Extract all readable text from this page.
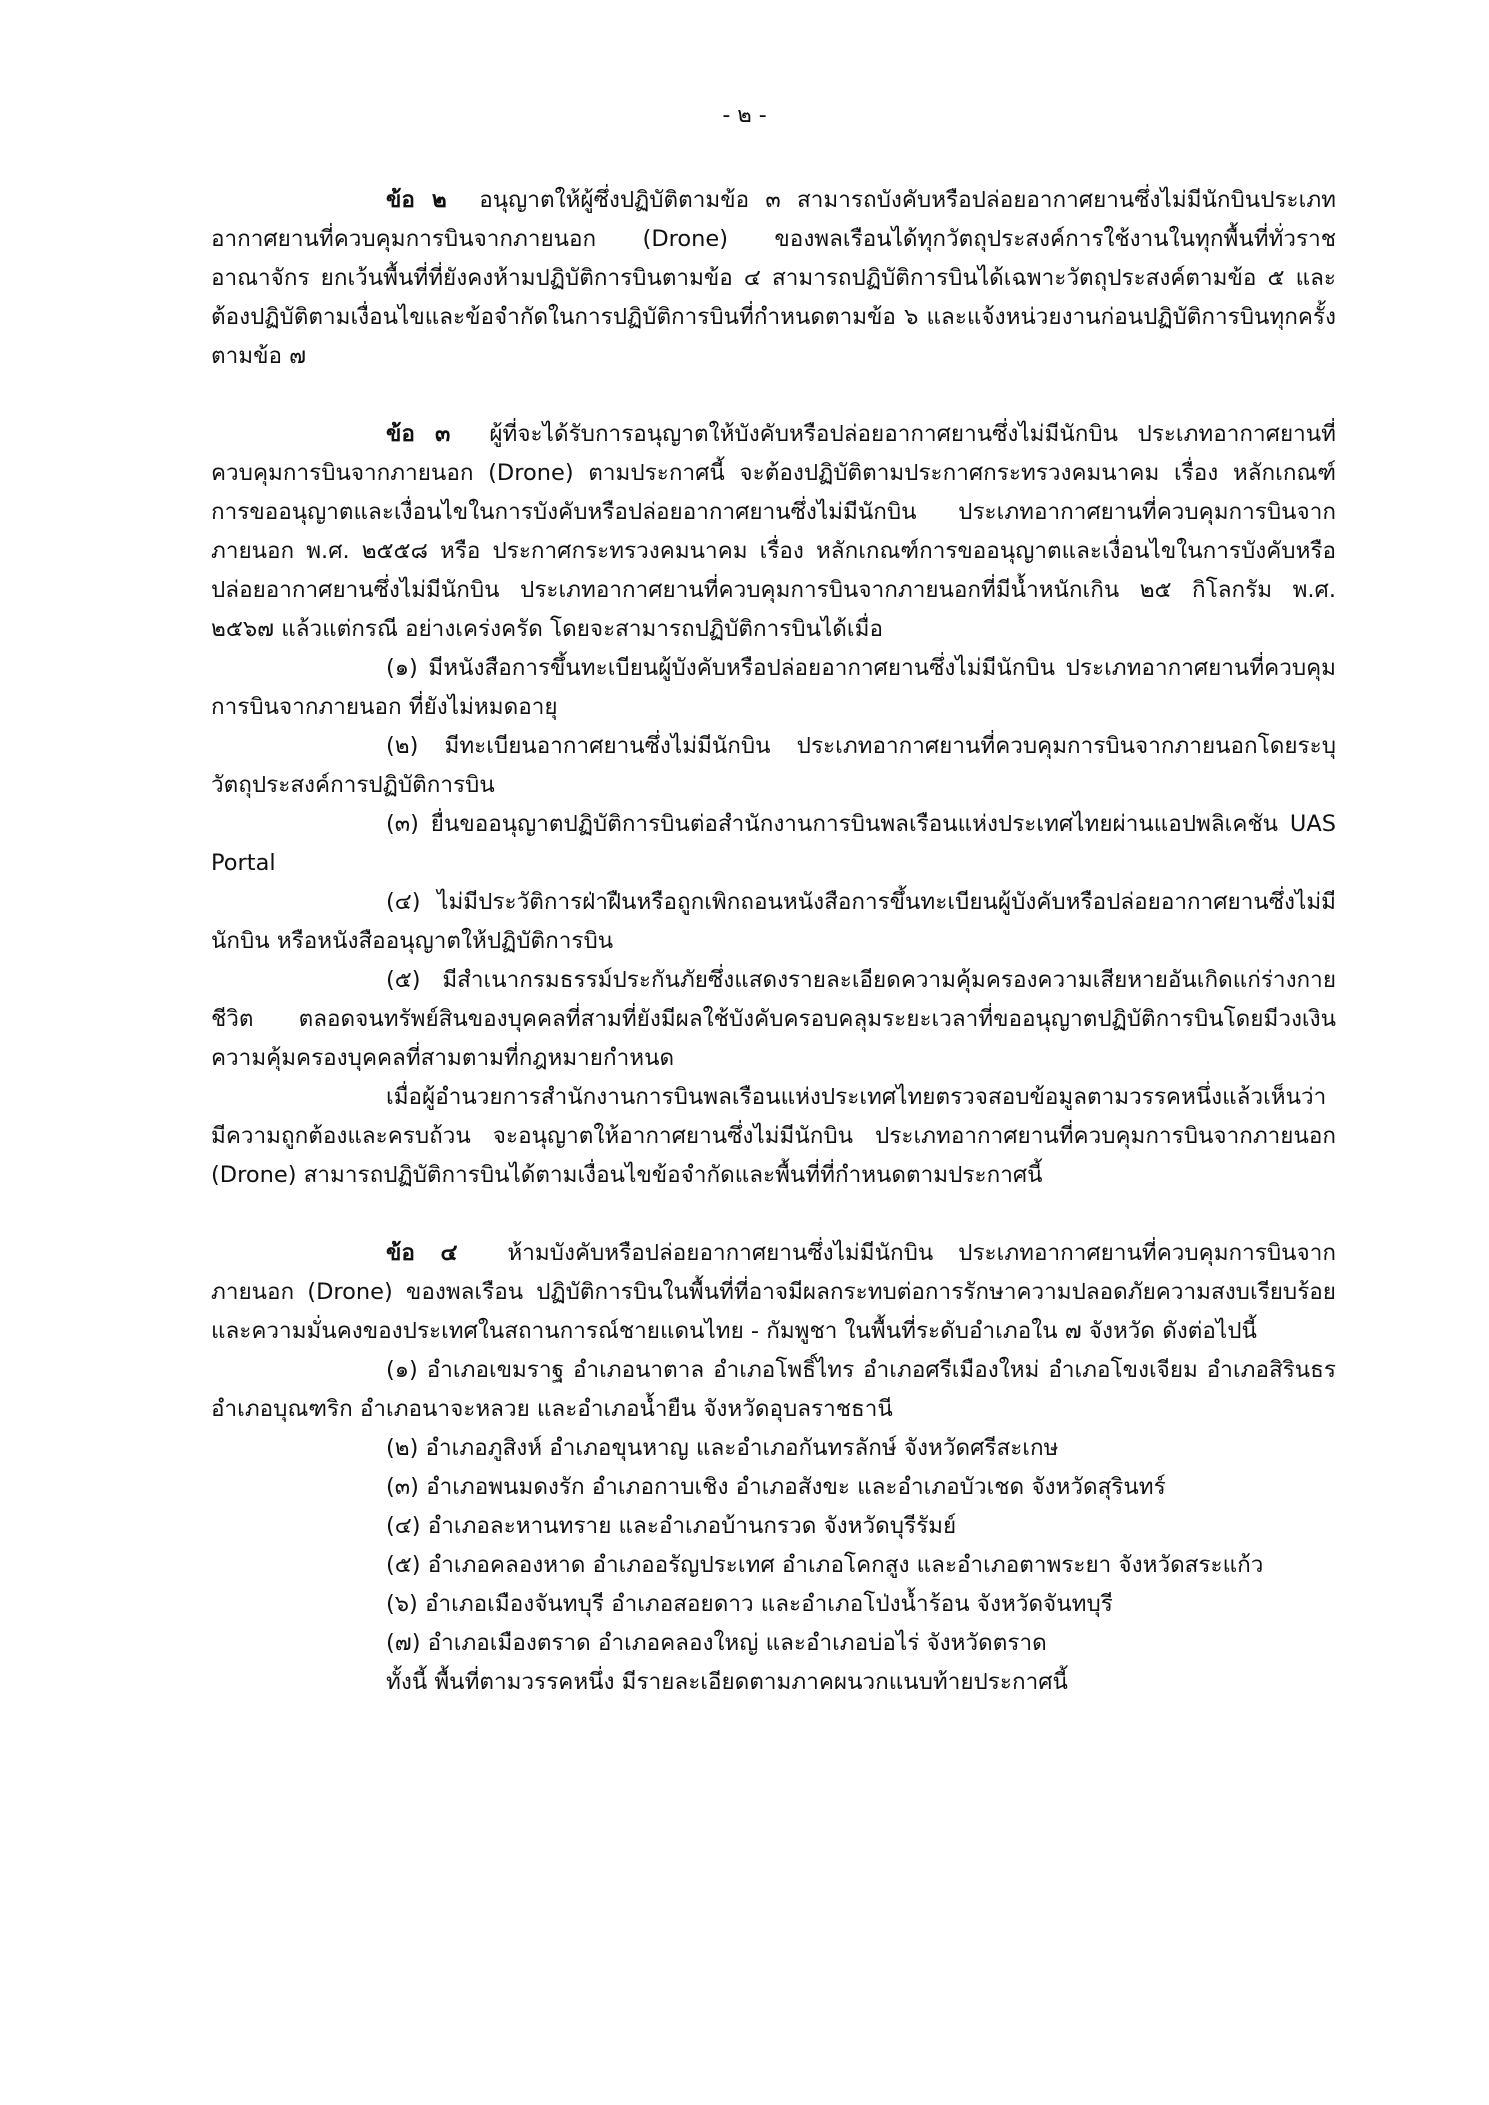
- ๒ -

ข้อ ๒ อนุญาตให้ผู้ซึ่งปฏิบัติตามข้อ ๓ สามารถบังคับหรือปล่อยอากาศยานซึ่งไม่มีนักบินประเภทอากาศยานที่ควบคุมการบินจากภายนอก (Drone) ของพลเรือนได้ทุกวัตถุประสงค์การใช้งานในทุกพื้นที่ทั่วราชอาณาจักร ยกเว้นพื้นที่ที่ยังคงห้ามปฏิบัติการบินตามข้อ ๔ สามารถปฏิบัติการบินได้เฉพาะวัตถุประสงค์ตามข้อ ๕ และต้องปฏิบัติตามเงื่อนไขและข้อจำกัดในการปฏิบัติการบินที่กำหนดตามข้อ ๖ และแจ้งหน่วยงานก่อนปฏิบัติการบินทุกครั้งตามข้อ ๗

ข้อ ๓ ผู้ที่จะได้รับการอนุญาตให้บังคับหรือปล่อยอากาศยานซึ่งไม่มีนักบิน ประเภทอากาศยานที่ควบคุมการบินจากภายนอก (Drone) ตามประกาศนี้ จะต้องปฏิบัติตามประกาศกระทรวงคมนาคม เรื่อง หลักเกณฑ์การขออนุญาตและเงื่อนไขในการบังคับหรือปล่อยอากาศยานซึ่งไม่มีนักบิน ประเภทอากาศยานที่ควบคุมการบินจากภายนอก พ.ศ. ๒๕๕๘ หรือ ประกาศกระทรวงคมนาคม เรื่อง หลักเกณฑ์การขออนุญาตและเงื่อนไขในการบังคับหรือปล่อยอากาศยานซึ่งไม่มีนักบิน ประเภทอากาศยานที่ควบคุมการบินจากภายนอกที่มีน้ำหนักเกิน ๒๕ กิโลกรัม พ.ศ. ๒๕๖๗ แล้วแต่กรณี อย่างเคร่งครัด โดยจะสามารถปฏิบัติการบินได้เมื่อ

(๑) มีหนังสือการขึ้นทะเบียนผู้บังคับหรือปล่อยอากาศยานซึ่งไม่มีนักบิน ประเภทอากาศยานที่ควบคุมการบินจากภายนอก ที่ยังไม่หมดอายุ

(๒) มีทะเบียนอากาศยานซึ่งไม่มีนักบิน ประเภทอากาศยานที่ควบคุมการบินจากภายนอกโดยระบุวัตถุประสงค์การปฏิบัติการบิน

(๓) ยื่นขออนุญาตปฏิบัติการบินต่อสำนักงานการบินพลเรือนแห่งประเทศไทยผ่านแอปพลิเคชัน UAS Portal

(๔) ไม่มีประวัติการฝ่าฝืนหรือถูกเพิกถอนหนังสือการขึ้นทะเบียนผู้บังคับหรือปล่อยอากาศยานซึ่งไม่มีนักบิน หรือหนังสืออนุญาตให้ปฏิบัติการบิน

(๕) มีสำเนากรมธรรม์ประกันภัยซึ่งแสดงรายละเอียดความคุ้มครองความเสียหายอันเกิดแก่ร่างกาย ชีวิต ตลอดจนทรัพย์สินของบุคคลที่สามที่ยังมีผลใช้บังคับครอบคลุมระยะเวลาที่ขออนุญาตปฏิบัติการบินโดยมีวงเงินความคุ้มครองบุคคลที่สามตามที่กฎหมายกำหนด

เมื่อผู้อำนวยการสำนักงานการบินพลเรือนแห่งประเทศไทยตรวจสอบข้อมูลตามวรรคหนึ่งแล้วเห็นว่ามีความถูกต้องและครบถ้วน จะอนุญาตให้อากาศยานซึ่งไม่มีนักบิน ประเภทอากาศยานที่ควบคุมการบินจากภายนอก (Drone) สามารถปฏิบัติการบินได้ตามเงื่อนไขข้อจำกัดและพื้นที่ที่กำหนดตามประกาศนี้

ข้อ ๔ ห้ามบังคับหรือปล่อยอากาศยานซึ่งไม่มีนักบิน ประเภทอากาศยานที่ควบคุมการบินจากภายนอก (Drone) ของพลเรือน ปฏิบัติการบินในพื้นที่ที่อาจมีผลกระทบต่อการรักษาความปลอดภัยความสงบเรียบร้อย และความมั่นคงของประเทศในสถานการณ์ชายแดนไทย - กัมพูชา ในพื้นที่ระดับอำเภอใน ๗ จังหวัด ดังต่อไปนี้

(๑) อำเภอเขมราฐ อำเภอนาตาล อำเภอโพธิ์ไทร อำเภอศรีเมืองใหม่ อำเภอโขงเจียม อำเภอสิรินธร อำเภอบุณฑริก อำเภอนาจะหลวย และอำเภอน้ำยืน จังหวัดอุบลราชธานี

(๒) อำเภอภูสิงห์ อำเภอขุนหาญ และอำเภอกันทรลักษ์ จังหวัดศรีสะเกษ

(๓) อำเภอพนมดงรัก อำเภอกาบเชิง อำเภอสังขะ และอำเภอบัวเชด จังหวัดสุรินทร์

(๔) อำเภอละหานทราย และอำเภอบ้านกรวด จังหวัดบุรีรัมย์

(๕) อำเภอคลองหาด อำเภออรัญประเทศ อำเภอโคกสูง และอำเภอตาพระยา จังหวัดสระแก้ว

(๖) อำเภอเมืองจันทบุรี อำเภอสอยดาว และอำเภอโป่งน้ำร้อน จังหวัดจันทบุรี

(๗) อำเภอเมืองตราด อำเภอคลองใหญ่ และอำเภอบ่อไร่ จังหวัดตราด

ทั้งนี้ พื้นที่ตามวรรคหนึ่ง มีรายละเอียดตามภาคผนวกแนบท้ายประกาศนี้
